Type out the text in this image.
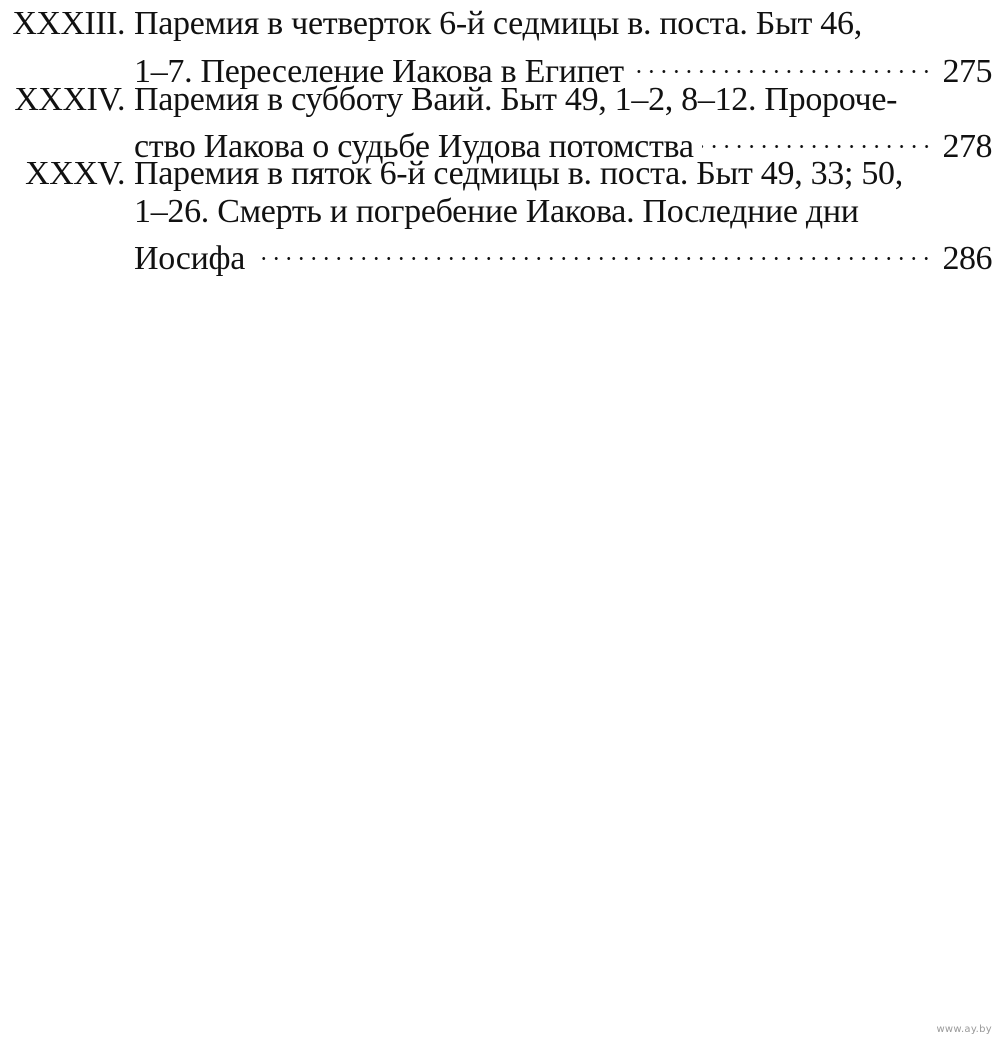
XXXIII. Паремия в четверток 6-й седмицы в. поста. Быт 46,
1–7. Переселение Иакова в Египет	275
XXXIV. Паремия в субботу Ваий. Быт 49, 1–2, 8–12. Пророче-
ство Иакова о судьбе Иудова потомства	278
XXXV. Паремия в пяток 6-й седмицы в. поста. Быт 49, 33; 50,
1–26. Смерть и погребение Иакова. Последние дни
Иосифа	286
www.ay.by
